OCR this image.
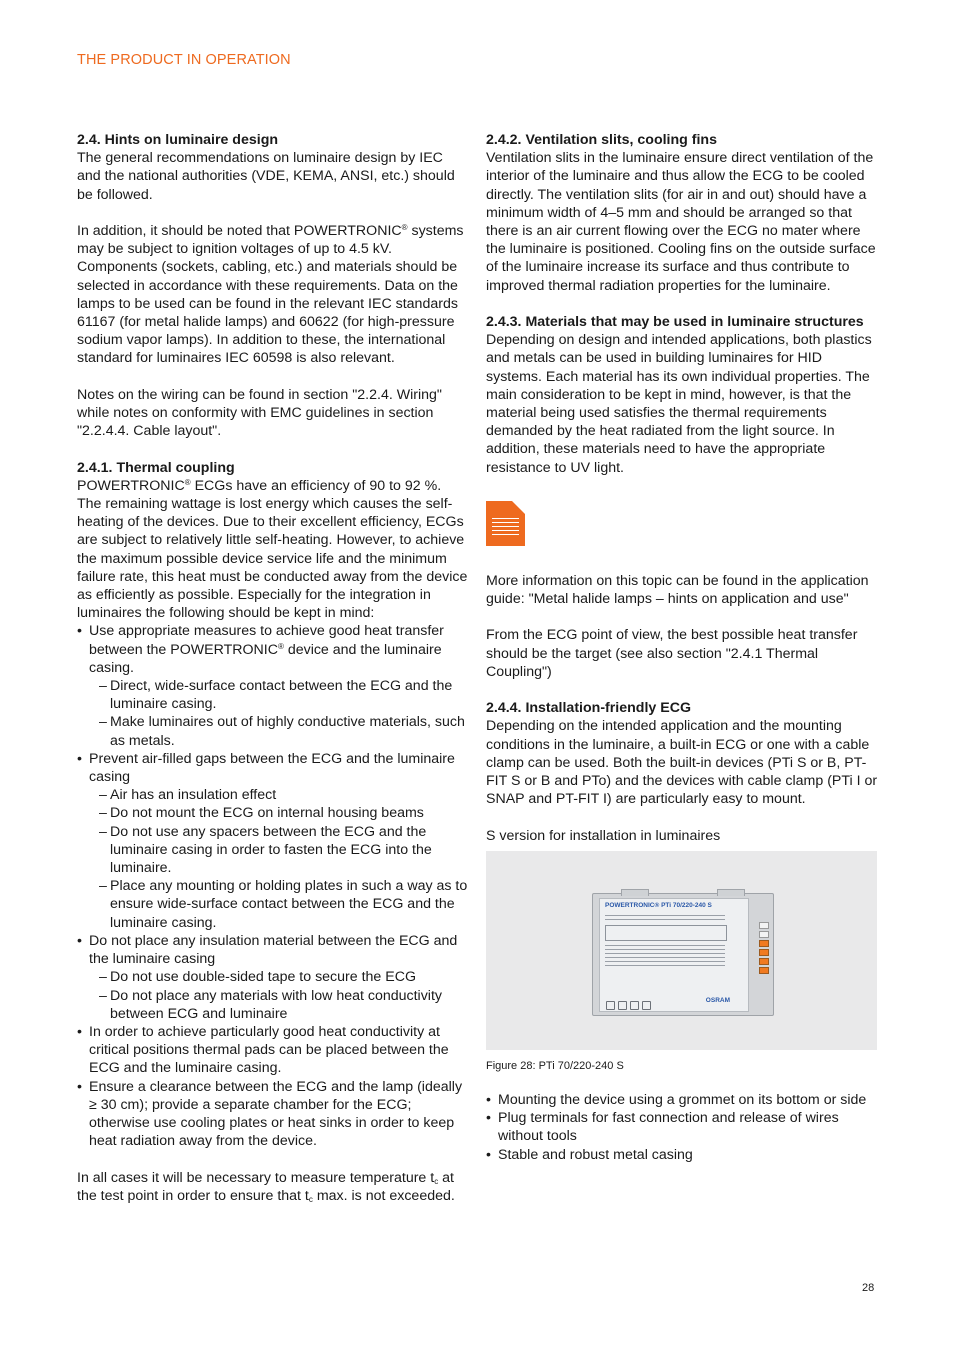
THE PRODUCT IN OPERATION
2.4. Hints on luminaire design

The general recommendations on luminaire design by IEC and the national authorities (VDE, KEMA, ANSI, etc.) should be followed.

In addition, it should be noted that POWERTRONIC® systems may be subject to ignition voltages of up to 4.5 kV. Components (sockets, cabling, etc.) and materials should be selected in accordance with these requirements. Data on the lamps to be used can be found in the relevant IEC standards 61167 (for metal halide lamps) and 60622 (for high-pressure sodium vapor lamps). In addition to these, the international standard for luminaires IEC 60598 is also relevant.

Notes on the wiring can be found in section "2.2.4. Wiring" while notes on conformity with EMC guidelines in section "2.2.4.4. Cable layout".

2.4.1. Thermal coupling

POWERTRONIC® ECGs have an efficiency of 90 to 92 %. The remaining wattage is lost energy which causes the self-heating of the devices. Due to their excellent efficiency, ECGs are subject to relatively little self-heating. However, to achieve the maximum possible device service life and the minimum failure rate, this heat must be conducted away from the device as efficiently as possible. Especially for the integration in luminaires the following should be kept in mind:

• Use appropriate measures to achieve good heat transfer between the POWERTRONIC® device and the luminaire casing.
– Direct, wide-surface contact between the ECG and the luminaire casing.
– Make luminaires out of highly conductive materials, such as metals.
• Prevent air-filled gaps between the ECG and the luminaire casing
– Air has an insulation effect
– Do not mount the ECG on internal housing beams
– Do not use any spacers between the ECG and the luminaire casing in order to fasten the ECG into the luminaire.
– Place any mounting or holding plates in such a way as to ensure wide-surface contact between the ECG and the luminaire casing.
• Do not place any insulation material between the ECG and the luminaire casing
– Do not use double-sided tape to secure the ECG
– Do not place any materials with low heat conductivity between ECG and luminaire
• In order to achieve particularly good heat conductivity at critical positions thermal pads can be placed between the ECG and the luminaire casing.
• Ensure a clearance between the ECG and the lamp (ideally ≥ 30 cm); provide a separate chamber for the ECG; otherwise use cooling plates or heat sinks in order to keep heat radiation away from the device.

In all cases it will be necessary to measure temperature $t_c$ at the test point in order to ensure that $t_c$ max. is not exceeded.

2.4.2. Ventilation slits, cooling fins

Ventilation slits in the luminaire ensure direct ventilation of the interior of the luminaire and thus allow the ECG to be cooled directly. The ventilation slits (for air in and out) should have a minimum width of 4–5 mm and should be arranged so that there is an air current flowing over the ECG no mater where the luminaire is positioned. Cooling fins on the outside surface of the luminaire increase its surface and thus contribute to improved thermal radiation properties for the luminaire.

2.4.3. Materials that may be used in luminaire structures

Depending on design and intended applications, both plastics and metals can be used in building luminaires for HID systems. Each material has its own individual properties. The main consideration to be kept in mind, however, is that the material being used satisfies the thermal requirements demanded by the heat radiated from the light source. In addition, these materials need to have the appropriate resistance to UV light.

More information on this topic can be found in the application guide: "Metal halide lamps – hints on application and use"

From the ECG point of view, the best possible heat transfer should be the target (see also section "2.4.1 Thermal Coupling")

2.4.4. Installation-friendly ECG

Depending on the intended application and the mounting conditions in the luminaire, a built-in ECG or one with a cable clamp can be used. Both the built-in devices (PTi S or B, PT-FIT S or B and PTo) and the devices with cable clamp (PTi I or SNAP and PT-FIT I) are particularly easy to mount.

S version for installation in luminaires

POWERTRONIC® PTi 70/220-240 S
OSRAM
Figure 28: PTi 70/220-240 S
• Mounting the device using a grommet on its bottom or side
• Plug terminals for fast connection and release of wires without tools
• Stable and robust metal casing
28
